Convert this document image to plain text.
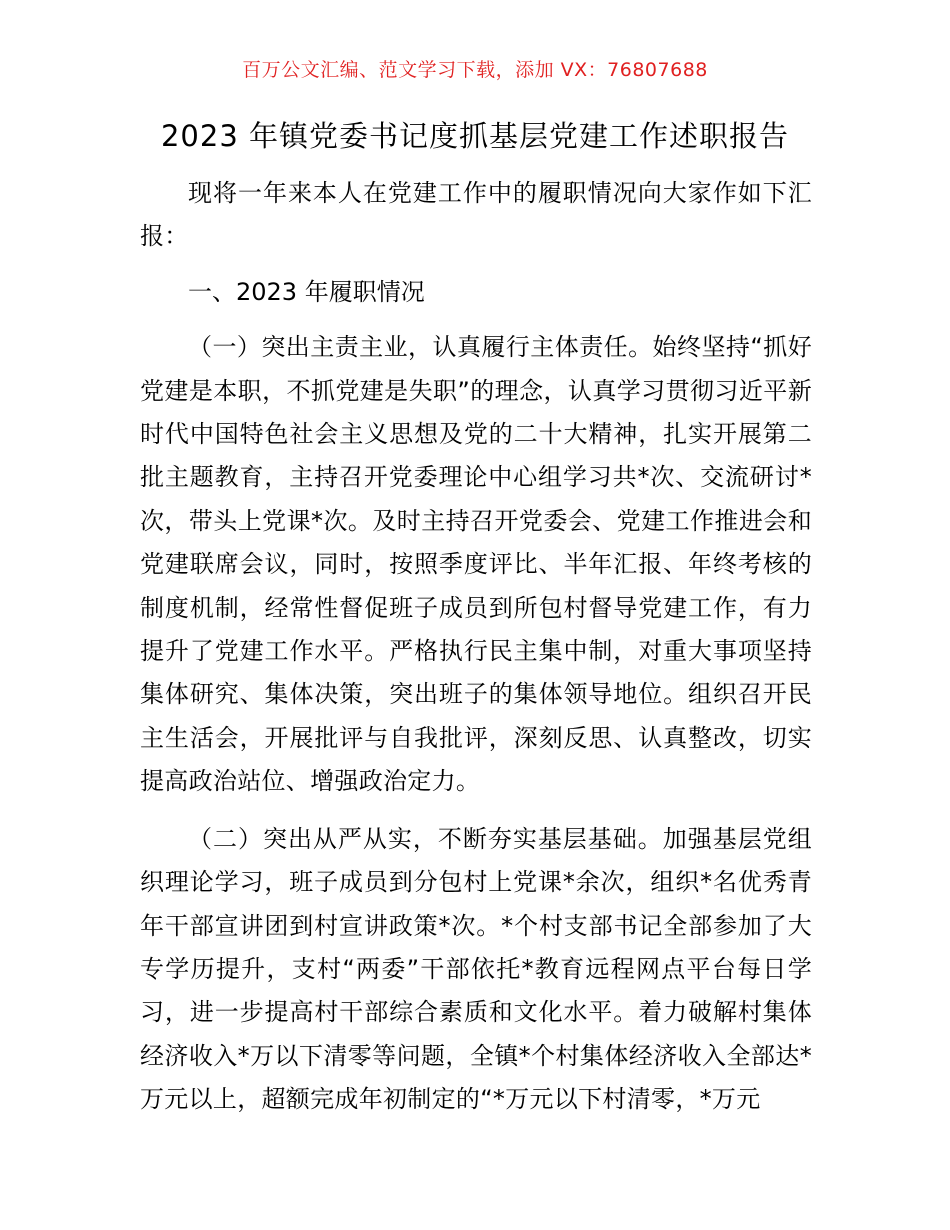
百万公文汇编、范文学习下载，添加 VX：76807688
2023 年镇党委书记度抓基层党建工作述职报告

现将一年来本人在党建工作中的履职情况向大家作如下汇报：

一、2023 年履职情况

（一）突出主责主业，认真履行主体责任。始终坚持“抓好党建是本职，不抓党建是失职”的理念，认真学习贯彻习近平新时代中国特色社会主义思想及党的二十大精神，扎实开展第二批主题教育，主持召开党委理论中心组学习共*次、交流研讨*次，带头上党课*次。及时主持召开党委会、党建工作推进会和党建联席会议，同时，按照季度评比、半年汇报、年终考核的制度机制，经常性督促班子成员到所包村督导党建工作，有力提升了党建工作水平。严格执行民主集中制，对重大事项坚持集体研究、集体决策，突出班子的集体领导地位。组织召开民主生活会，开展批评与自我批评，深刻反思、认真整改，切实提高政治站位、增强政治定力。

（二）突出从严从实，不断夯实基层基础。加强基层党组织理论学习，班子成员到分包村上党课*余次，组织*名优秀青年干部宣讲团到村宣讲政策*次。*个村支部书记全部参加了大专学历提升，支村“两委”干部依托*教育远程网点平台每日学习，进一步提高村干部综合素质和文化水平。着力破解村集体经济收入*万以下清零等问题，全镇*个村集体经济收入全部达*万元以上，超额完成年初制定的“*万元以下村清零，*万元
